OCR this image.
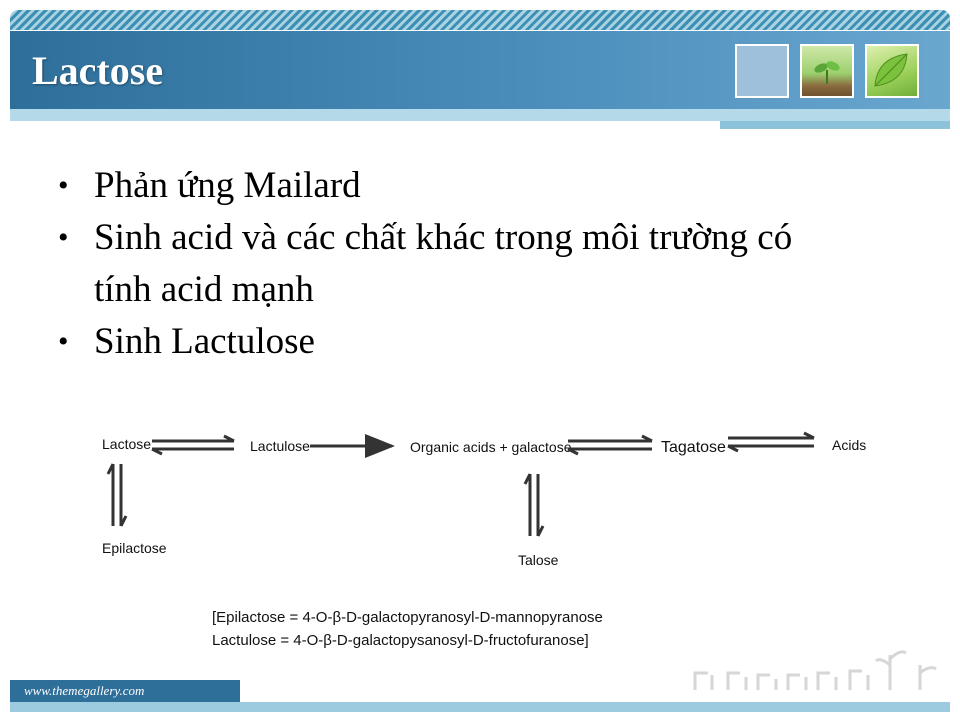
Lactose
• Phản ứng Mailard
• Sinh acid và các chất khác trong môi trường có
tính acid mạnh
• Sinh Lactulose
Lactose	Lactulose	Organic acids + galactose	Tagatose	Acids
Epilactose
Talose
[Epilactose = 4-O-β-D-galactopyranosyl-D-mannopyranose
Lactulose = 4-O-β-D-galactopysanosyl-D-fructofuranose]
www.themegallery.com
